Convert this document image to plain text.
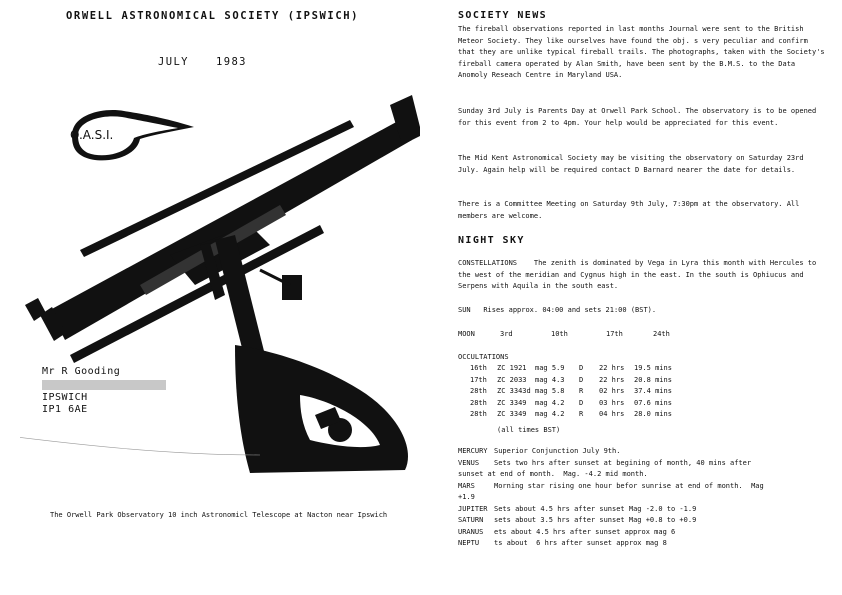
ORWELL ASTRONOMICAL SOCIETY (IPSWICH)
JULY	1983
O.A.S.I.
Mr R Gooding
IPSWICH
IP1 6AE
The Orwell Park Observatory 10 inch Astronomicl Telescope at Nacton near Ipswich
SOCIETY NEWS

The fireball observations reported in last months Journal were sent to the British Meteor Society. They like ourselves have found the obj. s very peculiar and confirm that they are unlike typical fireball trails. The photographs, taken with the Society's fireball camera operated by Alan Smith, have been sent by the B.M.S. to the Data Anomoly Reseach Centre in Maryland USA.

Sunday 3rd July is Parents Day at Orwell Park School. The observatory is to be opened for this event from 2 to 4pm. Your help would be appreciated for this event.

The Mid Kent Astronomical Society may be visiting the observatory on Saturday 23rd July. Again help will be required contact D Barnard nearer the date for details.

There is a Committee Meeting on Saturday 9th July, 7:30pm at the observatory. All members are welcome.

NIGHT SKY

CONSTELLATIONS The zenith is dominated by Vega in Lyra this month with Hercules to the west of the meridian and Cygnus high in the east. In the south is Ophiucus and Serpens with Aquila in the south east.

SUN Rises approx. 04:00 and sets 21:00 (BST).
MOON	3rd	10th	17th	24th
OCCULTATIONS
16th ZC 1921 mag 5.9 D 22 hrs 19.5 mins
17th ZC 2033 mag 4.3 D 22 hrs 20.8 mins
28th ZC 3343d mag 5.8 R 02 hrs 37.4 mins
28th ZC 3349 mag 4.2 D 03 hrs 07.6 mins
28th ZC 3349 mag 4.2 R 04 hrs 28.0 mins
(all times BST)
MERCURY Superior Conjunction July 9th.
VENUS Sets two hrs after sunset at begining of month, 40 mins after
sunset at end of month.  Mag. -4.2 mid month.
MARS	Morning star rising one hour befor sunrise at end of month.  Mag
+1.9
JUPITER Sets about 4.5 hrs after sunset Mag -2.0 to -1.9
SATURN sets about 3.5 hrs after sunset Mag +0.8 to +0.9
URANUS ets about 4.5 hrs after sunset approx mag 6
NEPTU ts about  6 hrs after sunset approx mag 8
